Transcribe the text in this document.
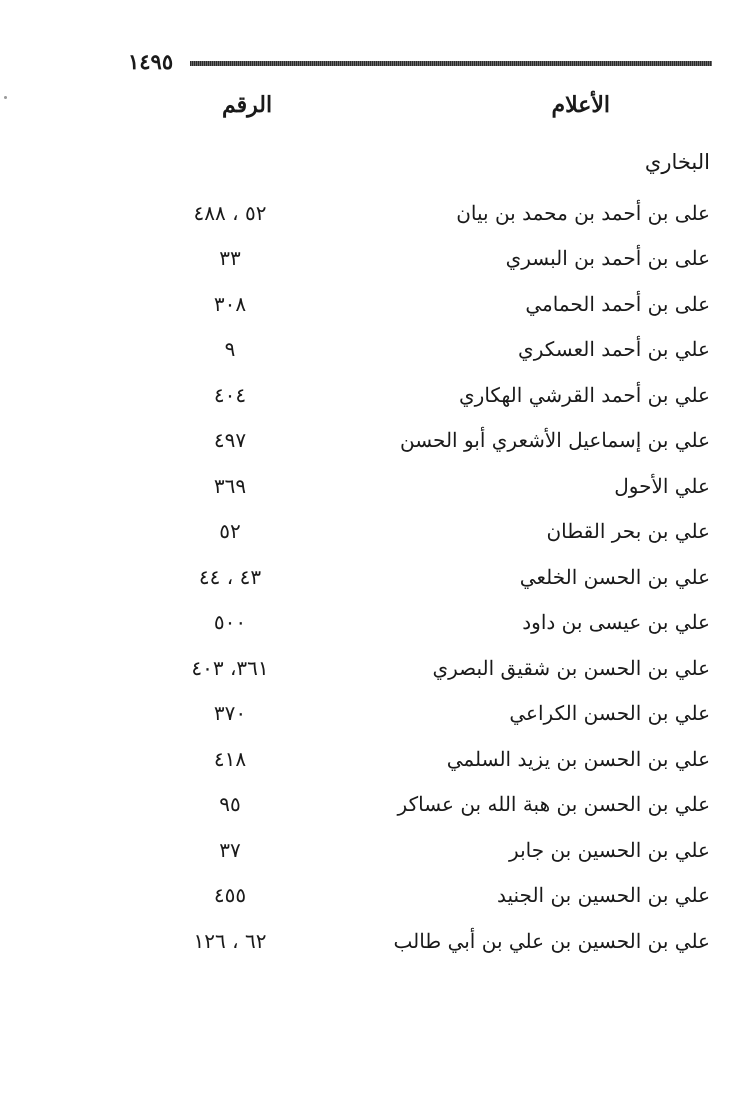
١٤٩٥
الأعلام
الرقم
البخاري
على بن أحمد بن محمد بن بيان
٥٢ ، ٤٨٨
على بن أحمد بن البسري
٣٣
على بن أحمد الحمامي
٣٠٨
علي بن أحمد العسكري
٩
علي بن أحمد القرشي الهكاري
٤٠٤
علي بن إسماعيل الأشعري أبو الحسن
٤٩٧
علي الأحول
٣٦٩
علي بن بحر القطان
٥٢
علي بن الحسن الخلعي
٤٣ ، ٤٤
علي بن عيسى بن داود
٥٠٠
علي بن الحسن بن شقيق البصري
٣٦١، ٤٠٣
علي بن الحسن الكراعي
٣٧٠
علي بن الحسن بن يزيد السلمي
٤١٨
علي بن الحسن بن هبة الله بن عساكر
٩٥
علي بن الحسين بن جابر
٣٧
علي بن الحسين بن الجنيد
٤٥٥
علي بن الحسين بن علي بن أبي طالب
٦٢ ، ١٢٦
